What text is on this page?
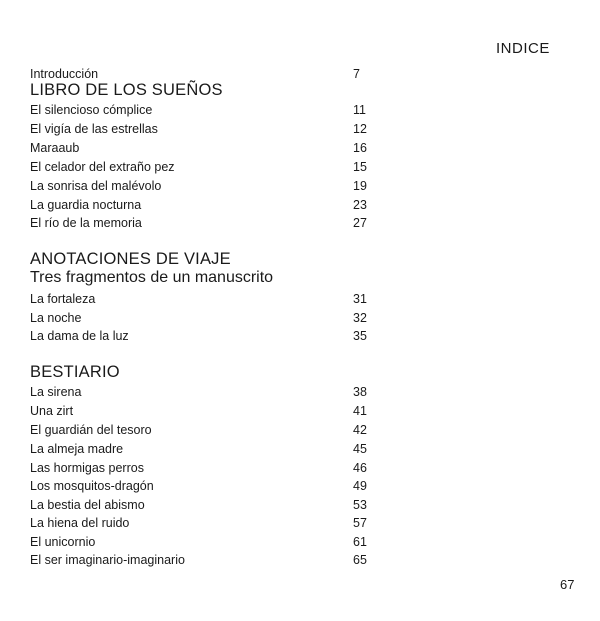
INDICE
Introducción	7
LIBRO DE LOS SUEÑOS
El silencioso cómplice	11
El vigía de las estrellas	12
Maraaub	16
El celador del extraño pez	15
La sonrisa del malévolo	19
La guardia nocturna	23
El río de la memoria	27
ANOTACIONES DE VIAJE
Tres fragmentos de un manuscrito
La fortaleza	31
La noche	32
La dama de la luz	35
BESTIARIO
La sirena	38
Una zirt	41
El guardián del tesoro	42
La almeja madre	45
Las hormigas perros	46
Los mosquitos-dragón	49
La bestia del abismo	53
La hiena del ruido	57
El unicornio	61
El ser imaginario-imaginario	65
67
